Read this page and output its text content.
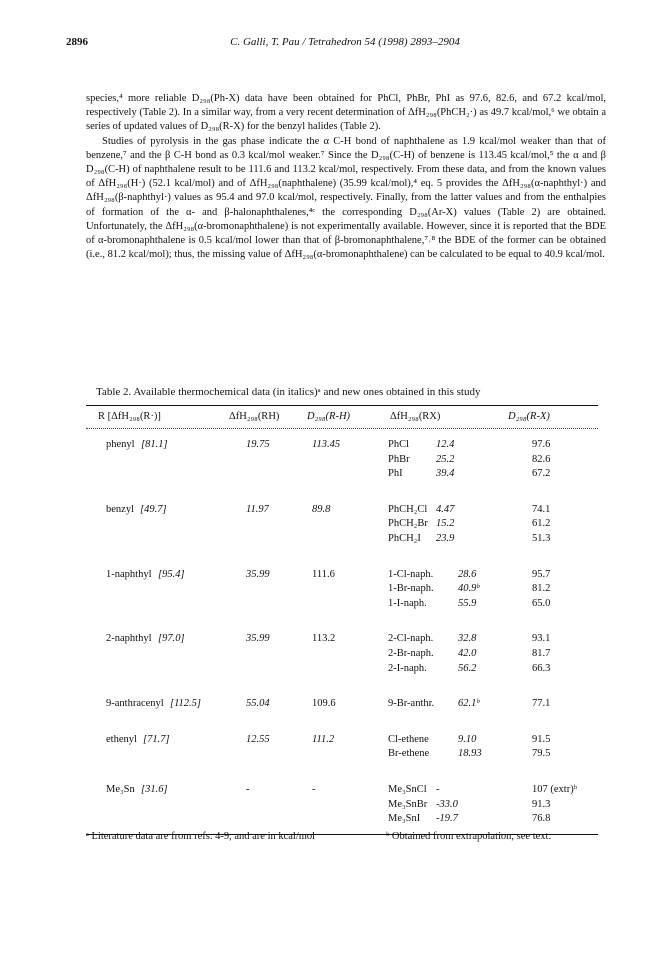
2896	C. Galli, T. Pau / Tetrahedron 54 (1998) 2893–2904

species,⁴ more reliable D₂₉₈(Ph-X) data have been obtained for PhCl, PhBr, PhI as 97.6, 82.6, and 67.2 kcal/mol, respectively (Table 2). In a similar way, from a very recent determination of ΔfH₂₉₈(PhCH₂·) as 49.7 kcal/mol,⁶ we obtain a series of updated values of D₂₉₈(R-X) for the benzyl halides (Table 2).

Studies of pyrolysis in the gas phase indicate the α C-H bond of naphthalene as 1.9 kcal/mol weaker than that of benzene,⁷ and the β C-H bond as 0.3 kcal/mol weaker.⁷ Since the D₂₉₈(C-H) of benzene is 113.45 kcal/mol,⁵ the α and β D₂₉₈(C-H) of naphthalene result to be 111.6 and 113.2 kcal/mol, respectively. From these data, and from the known values of ΔfH₂₉₈(H·) (52.1 kcal/mol) and of ΔfH₂₉₈(naphthalene) (35.99 kcal/mol),⁴ eq. 5 provides the ΔfH₂₉₈(α-naphthyl·) and ΔfH₂₉₈(β-naphthyl·) values as 95.4 and 97.0 kcal/mol, respectively. Finally, from the latter values and from the enthalpies of formation of the α- and β-halonaphthalenes,⁴ᶜ the corresponding D₂₉₈(Ar-X) values (Table 2) are obtained. Unfortunately, the ΔfH₂₉₈(α-bromonaphthalene) is not experimentally available. However, since it is reported that the BDE of α-bromonaphthalene is 0.5 kcal/mol lower than that of β-bromonaphthalene,⁷˒⁸ the BDE of the former can be obtained (i.e., 81.2 kcal/mol); thus, the missing value of ΔfH₂₉₈(α-bromonaphthalene) can be calculated to be equal to 40.9 kcal/mol.

Table 2. Available thermochemical data (in italics)ᵃ and new ones obtained in this study
R [ΔfH₂₉₈(R·)]	ΔfH₂₉₈(RH)	D₂₉₈(R-H)	ΔfH₂₉₈(RX)	D₂₉₈(R-X)
phenyl [81.1]	19.75	113.45	PhCl	12.4	97.6
PhBr	25.2	82.6
PhI	39.4	67.2
benzyl [49.7]	11.97	89.8	PhCH₂Cl 4.47	74.1
PhCH₂Br 15.2	61.2
PhCH₂I 23.9	51.3
1-naphthyl [95.4]	35.99	111.6	1-Cl-naph. 28.6	95.7
1-Br-naph. 40.9ᵇ	81.2
1-I-naph.	55.9	65.0
2-naphthyl [97.0]	35.99	113.2	2-Cl-naph. 32.8	93.1
2-Br-naph. 42.0	81.7
2-I-naph.	56.2	66.3
9-anthracenyl [112.5]	55.04	109.6	9-Br-anthr. 62.1ᵇ	77.1
ethenyl [71.7]	12.55	111.2	Cl-ethene	9.10	91.5
Br-ethene	18.93	79.5
Me₃Sn [31.6]	-	-	Me₃SnCl -	107 (extr)ᵇ
Me₃SnBr -33.0	91.3
Me₃SnI -19.7	76.8
ᵃ Literature data are from refs. 4-9, and are in kcal/mol	ᵇ Obtained from extrapolation, see text.
